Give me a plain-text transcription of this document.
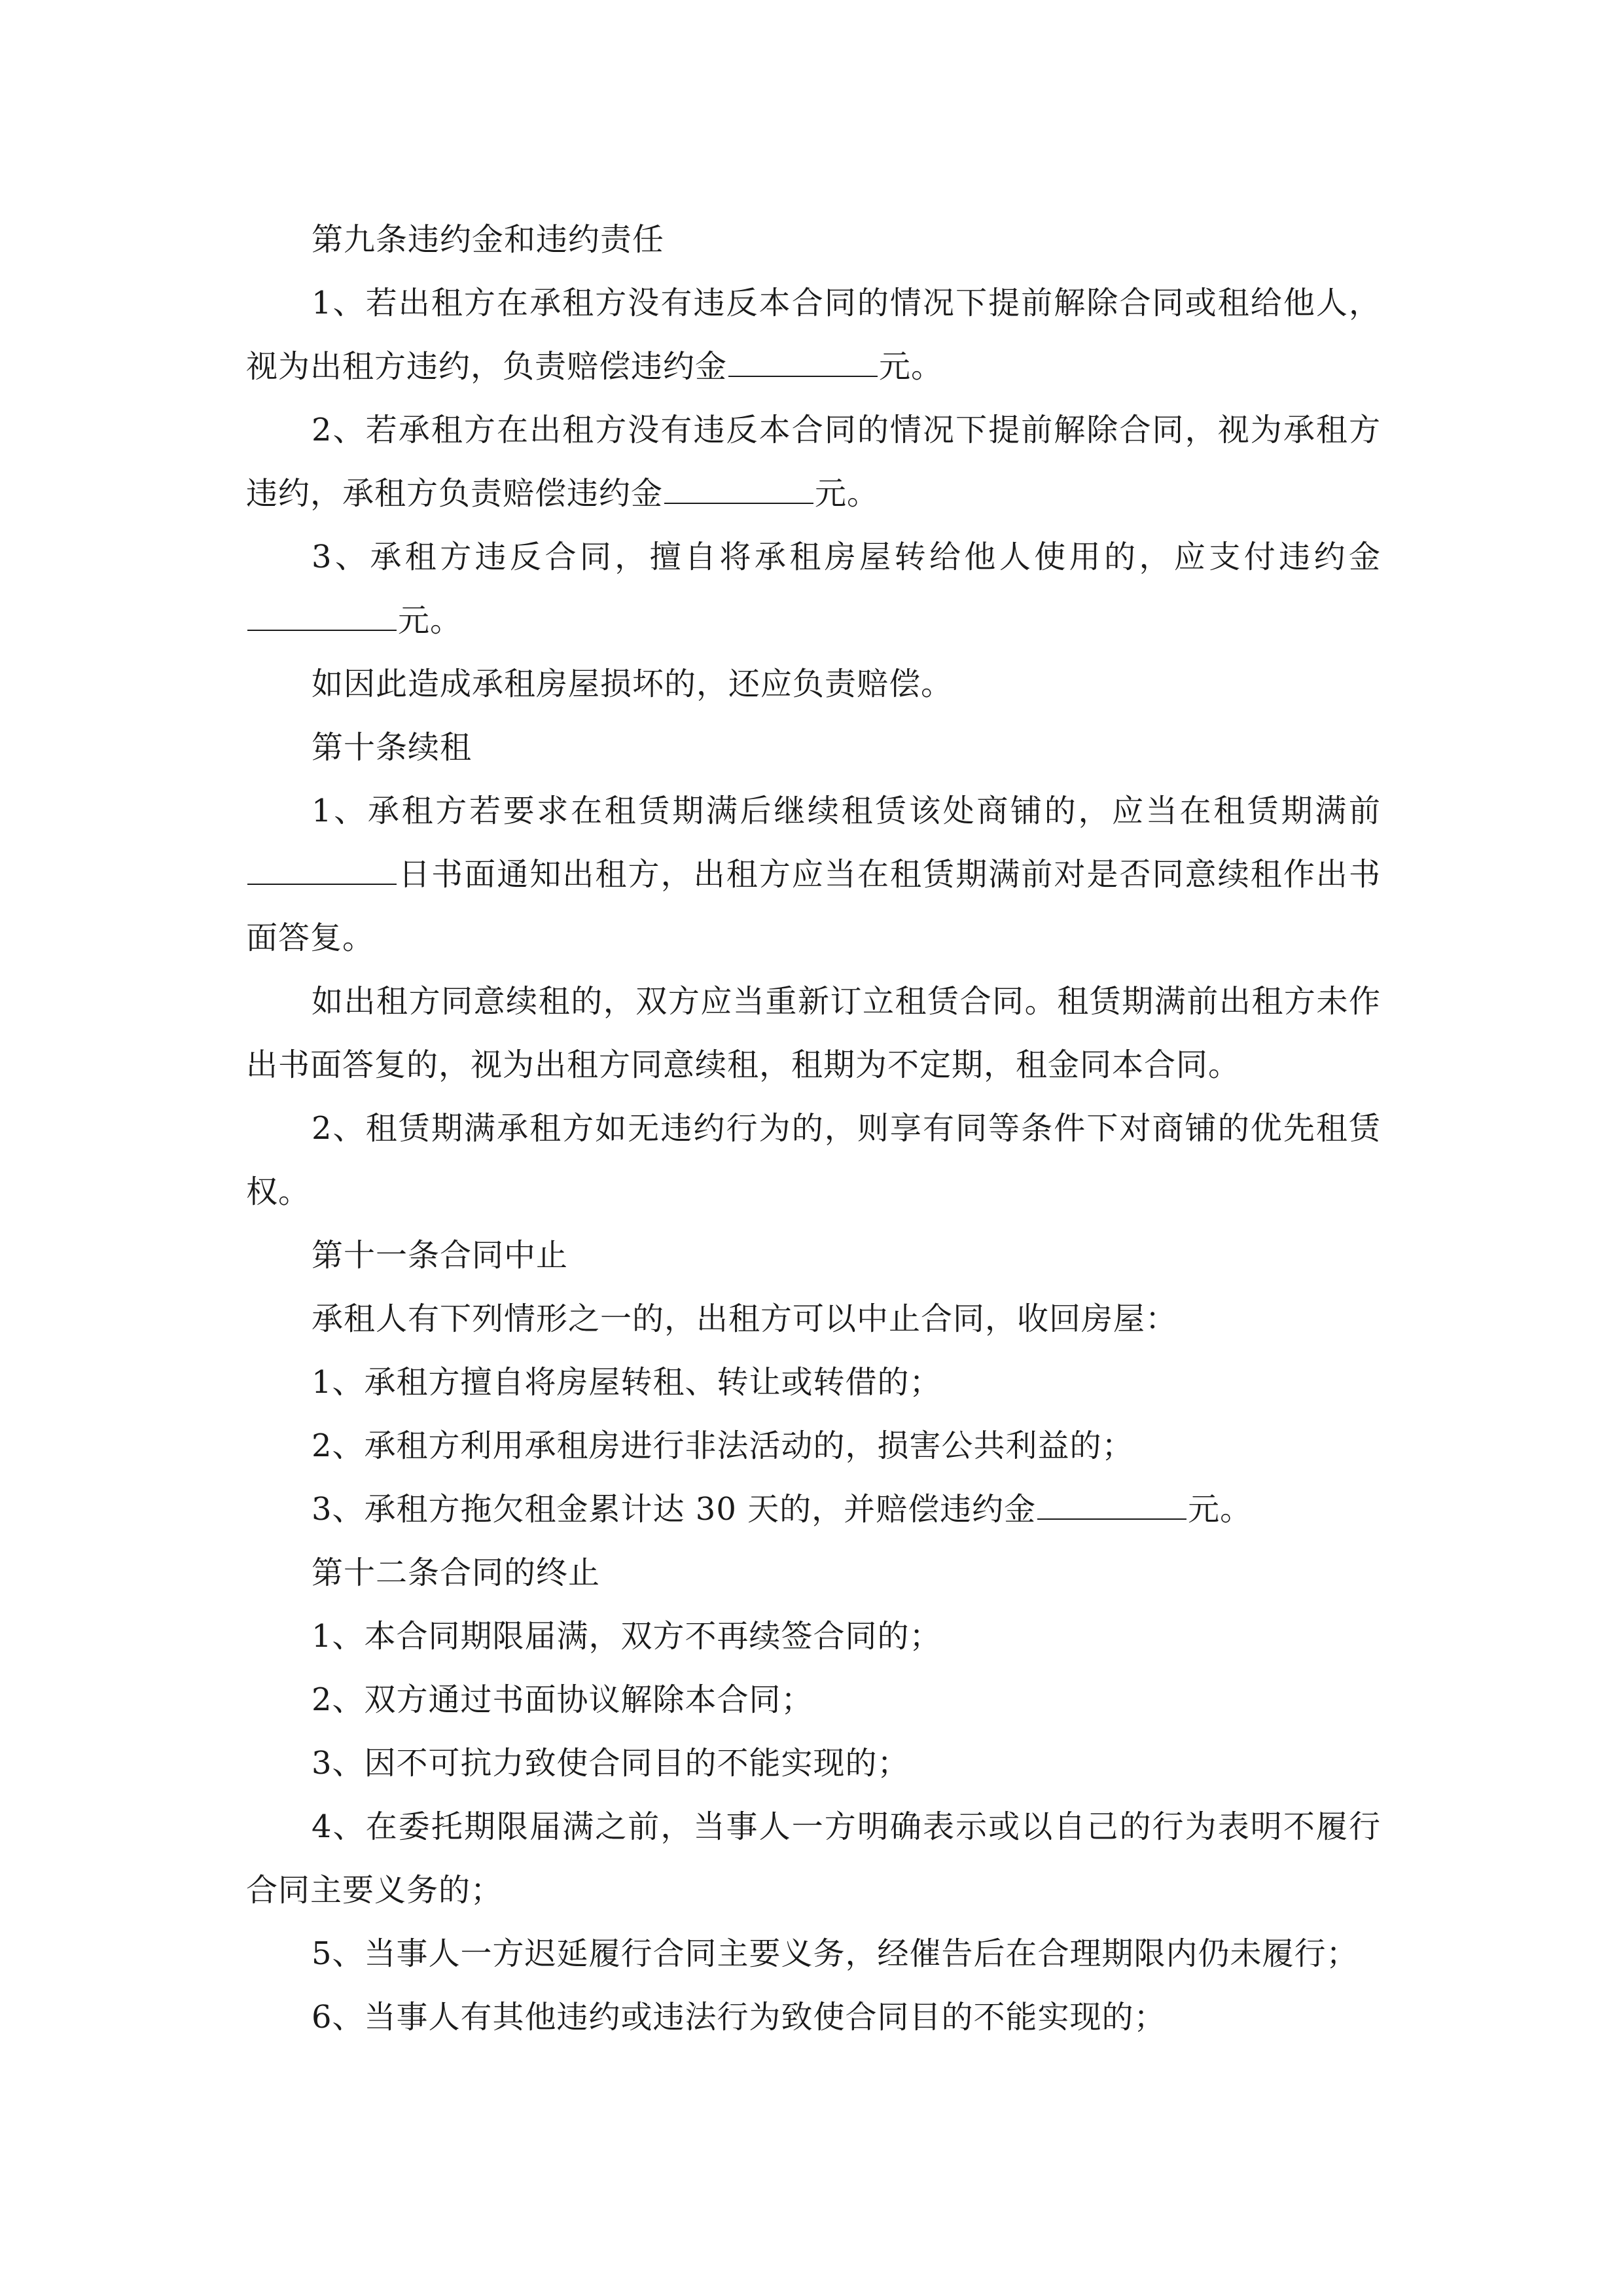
第九条违约金和违约责任

1、若出租方在承租方没有违反本合同的情况下提前解除合同或租给他人，视为出租方违约，负责赔偿违约金	元。

2、若承租方在出租方没有违反本合同的情况下提前解除合同，视为承租方违约，承租方负责赔偿违约金	元。

3、承租方违反合同，擅自将承租房屋转给他人使用的，应支付违约金元。

如因此造成承租房屋损坏的，还应负责赔偿。

第十条续租

1、承租方若要求在租赁期满后继续租赁该处商铺的，应当在租赁期满前日书面通知出租方，出租方应当在租赁期满前对是否同意续租作出书面答复。

如出租方同意续租的，双方应当重新订立租赁合同。租赁期满前出租方未作出书面答复的，视为出租方同意续租，租期为不定期，租金同本合同。

2、租赁期满承租方如无违约行为的，则享有同等条件下对商铺的优先租赁权。

第十一条合同中止

承租人有下列情形之一的，出租方可以中止合同，收回房屋：

1、承租方擅自将房屋转租、转让或转借的；

2、承租方利用承租房进行非法活动的，损害公共利益的；

3、承租方拖欠租金累计达 30 天的，并赔偿违约金	元。

第十二条合同的终止

1、本合同期限届满，双方不再续签合同的；

2、双方通过书面协议解除本合同；

3、因不可抗力致使合同目的不能实现的；

4、在委托期限届满之前，当事人一方明确表示或以自己的行为表明不履行合同主要义务的；

5、当事人一方迟延履行合同主要义务，经催告后在合理期限内仍未履行；

6、当事人有其他违约或违法行为致使合同目的不能实现的；
